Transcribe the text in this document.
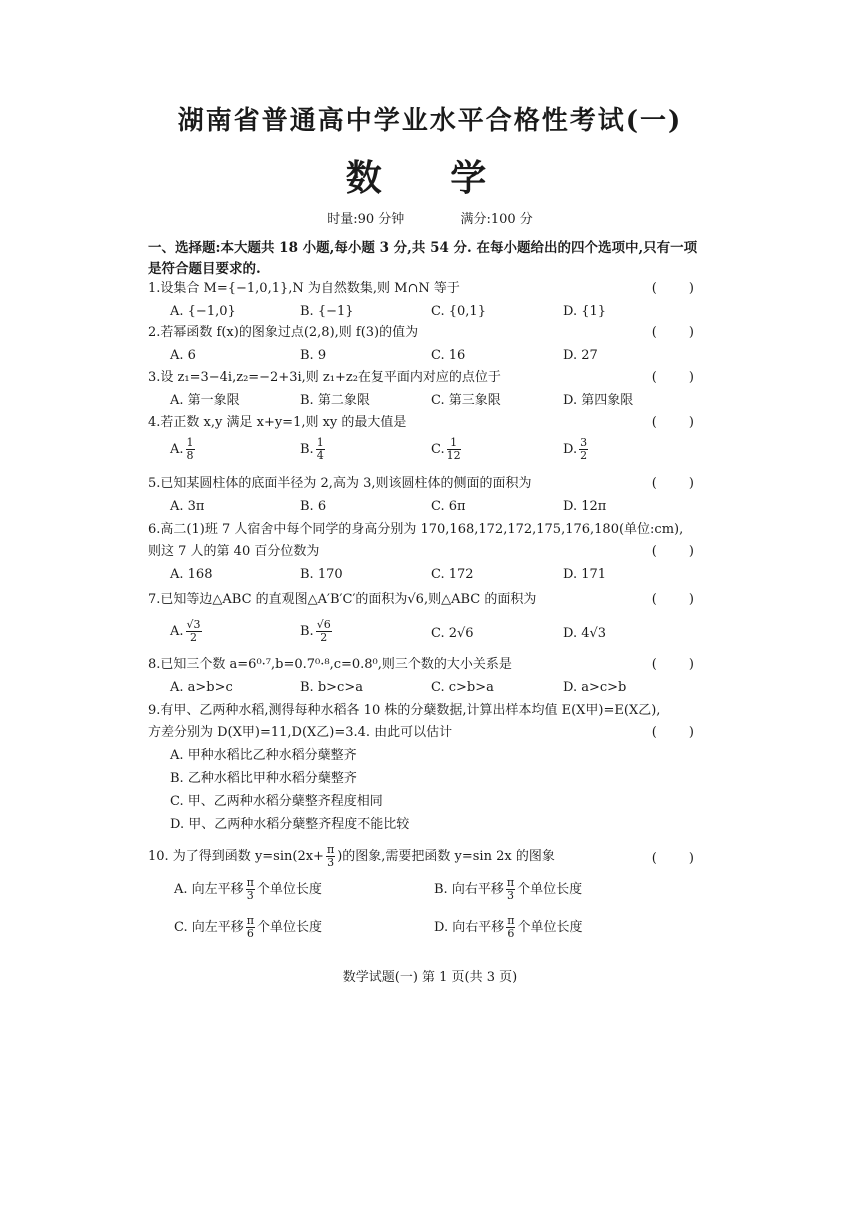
湖南省普通高中学业水平合格性考试(一)
数 学
时量:90 分钟	满分:100 分
一、选择题:本大题共 18 小题,每小题 3 分,共 54 分. 在每小题给出的四个选项中,只有一项是符合题目要求的.
1.设集合 M={−1,0,1},N 为自然数集,则 M∩N 等于	( )
A. {−1,0}	B. {−1}	C. {0,1}	D. {1}
2.若幂函数 f(x)的图象过点(2,8),则 f(3)的值为	( )
A. 6	B. 9	C. 16	D. 27
3.设 z₁=3−4i,z₂=−2+3i,则 z₁+z₂在复平面内对应的点位于	( )
A. 第一象限	B. 第二象限	C. 第三象限	D. 第四象限
4.若正数 x,y 满足 x+y=1,则 xy 的最大值是	( )
A. $\frac{1}{8}$	B. $\frac{1}{4}$	C. $\frac{1}{12}$	D. $\frac{3}{2}$
5.已知某圆柱体的底面半径为 2,高为 3,则该圆柱体的侧面的面积为	( )
A. 3π	B. 6	C. 6π	D. 12π
6.高二(1)班 7 人宿舍中每个同学的身高分别为 170,168,172,172,175,176,180(单位:cm),
则这 7 人的第 40 百分位数为	( )
A. 168	B. 170	C. 172	D. 171
7.已知等边△ABC 的直观图△A′B′C′的面积为√6,则△ABC 的面积为	( )
A. $\frac{√3}{2}$	B. $\frac{√6}{2}$	C. 2√6	D. 4√3
8.已知三个数 a=6⁰·⁷,b=0.7⁰·⁸,c=0.8⁰,则三个数的大小关系是	( )
A. a>b>c	B. b>c>a	C. c>b>a	D. a>c>b
9.有甲、乙两种水稻,测得每种水稻各 10 株的分蘖数据,计算出样本均值 E(X甲)=E(X乙),
方差分别为 D(X甲)=11,D(X乙)=3.4. 由此可以估计	( )
A. 甲种水稻比乙种水稻分蘖整齐
B. 乙种水稻比甲种水稻分蘖整齐
C. 甲、乙两种水稻分蘖整齐程度相同
D. 甲、乙两种水稻分蘖整齐程度不能比较
10. 为了得到函数 $y=\sin(2x+ \frac{\pi}{3}$ )的图象,需要把函数 y=sin 2x 的图象	( )
A. 向左平移 $\frac{\pi}{3}$ 个单位长度	B. 向右平移 $\frac{\pi}{3}$ 个单位长度
C. 向左平移 $\frac{\pi}{6}$ 个单位长度	D. 向右平移 $\frac{\pi}{6}$ 个单位长度
数学试题(一) 第 1 页(共 3 页)
